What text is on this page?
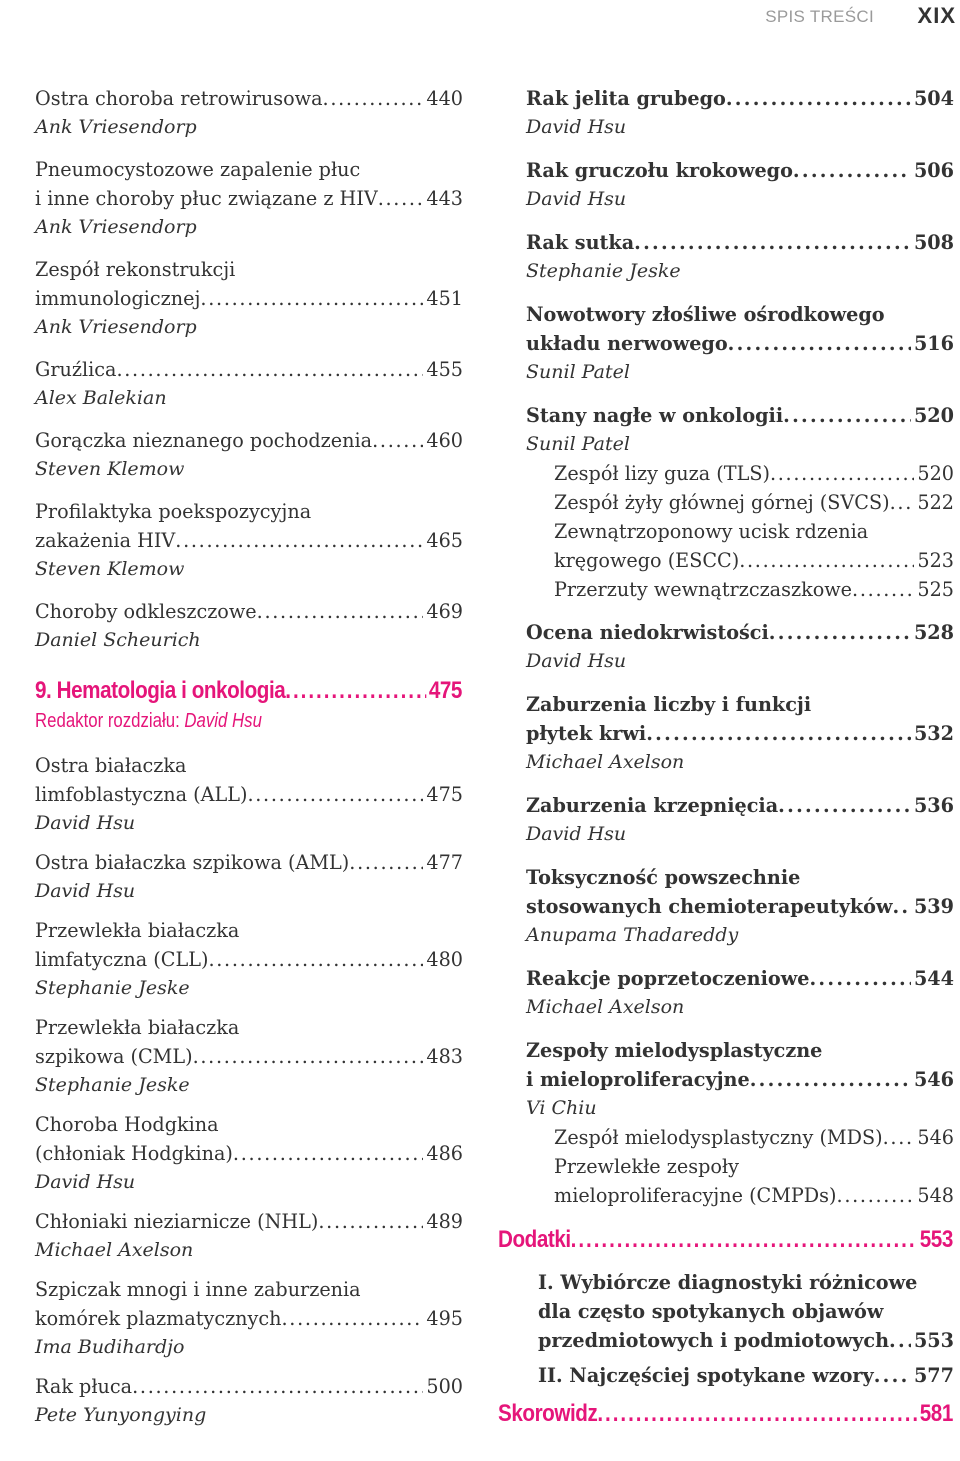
SPIS TREŚCI XIX
Ostra choroba retrowirusowa . . .	440
Ank Vriesendorp
Pneumocystozowe zapalenie płuc
i inne choroby płuc związane z HIV . . .	443
Ank Vriesendorp
Zespół rekonstrukcji
immunologicznej . . .	451
Ank Vriesendorp
Gruźlica . . .	455
Alex Balekian
Gorączka nieznanego pochodzenia . . .	460
Steven Klemow
Profilaktyka poekspozycyjna
zakażenia HIV . . .	465
Steven Klemow
Choroby odkleszczowe . . .	469
Daniel Scheurich
9. Hematologia i onkologia . . .	475
Redaktor rozdziału: David Hsu
Ostra białaczka
limfoblastyczna (ALL) . . .	475
David Hsu
Ostra białaczka szpikowa (AML) . . .	477
David Hsu
Przewlekła białaczka
limfatyczna (CLL) . . .	480
Stephanie Jeske
Przewlekła białaczka
szpikowa (CML) . . .	483
Stephanie Jeske
Choroba Hodgkina
(chłoniak Hodgkina) . . .	486
David Hsu
Chłoniaki nieziarnicze (NHL) . . .	489
Michael Axelson
Szpiczak mnogi i inne zaburzenia
komórek plazmatycznych . . .	495
Ima Budihardjo
Rak płuca . . .	500
Pete Yunyongying
Rak jelita grubego . . .	504
David Hsu
Rak gruczołu krokowego . . .	506
David Hsu
Rak sutka . . .	508
Stephanie Jeske
Nowotwory złośliwe ośrodkowego
układu nerwowego . . .	516
Sunil Patel
Stany nagłe w onkologii . . .	520
Sunil Patel
Zespół lizy guza (TLS) . . .	520
Zespół żyły głównej górnej (SVCS) . . . 522
Zewnątrzoponowy ucisk rdzenia
kręgowego (ESCC) . . .	523
Przerzuty wewnątrzczaszkowe . . .	525
Ocena niedokrwistości . . .	528
David Hsu
Zaburzenia liczby i funkcji
płytek krwi . . .	532
Michael Axelson
Zaburzenia krzepnięcia . . .	536
David Hsu
Toksyczność powszechnie
stosowanych chemioterapeutyków . . . 539
Anupama Thadareddy
Reakcje poprzetoczeniowe . . .	544
Michael Axelson
Zespoły mielodysplastyczne
i mieloproliferacyjne . . .	546
Vi Chiu
Zespół mielodysplastyczny (MDS) . . . 546
Przewlekłe zespoły
mieloproliferacyjne (CMPDs) . . .	548
Dodatki . . .	553
I. Wybiórcze diagnostyki różnicowe
dla często spotykanych objawów
przedmiotowych i podmiotowych . . . 553
II. Najczęściej spotykane wzory . . . 577
Skorowidz . . .	581
